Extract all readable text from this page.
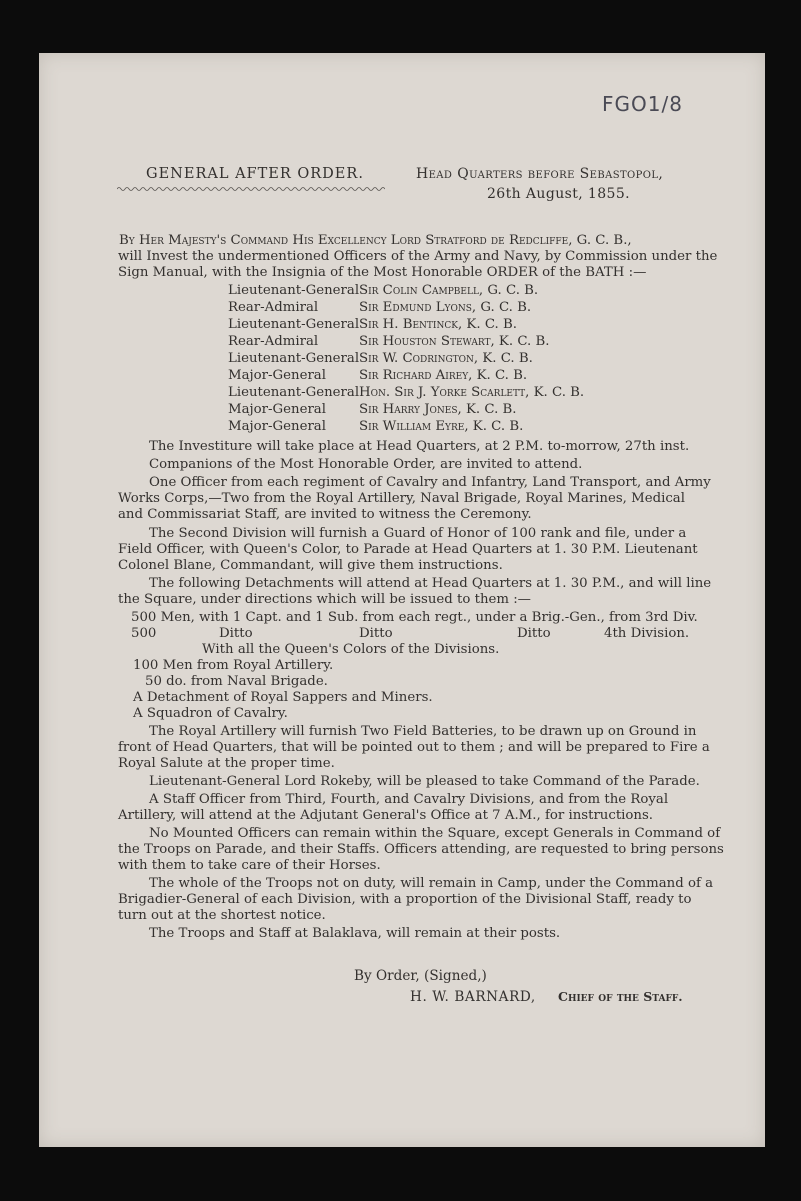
FGO1/8
GENERAL AFTER ORDER.	Head Quarters before Sebastopol,
26th August, 1855.
By Her Majesty's Command His Excellency Lord Stratford de Redcliffe, G. C. B.,
will Invest the undermentioned Officers of the Army and Navy, by Commission under the
Sign Manual, with the Insignia of the Most Honorable ORDER of the BATH :—
Lieutenant-General Sir Colin Campbell, G. C. B.
Rear-Admiral	Sir Edmund Lyons, G. C. B.
Lieutenant-General Sir H. Bentinck, K. C. B.
Rear-Admiral	Sir Houston Stewart, K. C. B.
Lieutenant-General Sir W. Codrington, K. C. B.
Major-General Sir Richard Airey, K. C. B.
Lieutenant-General Hon. Sir J. Yorke Scarlett, K. C. B.
Major-General Sir Harry Jones, K. C. B.
Major-General Sir William Eyre, K. C. B.
The Investiture will take place at Head Quarters, at 2 P.M. to-morrow, 27th inst.
Companions of the Most Honorable Order, are invited to attend.
One Officer from each regiment of Cavalry and Infantry, Land Transport, and Army
Works Corps,—Two from the Royal Artillery, Naval Brigade, Royal Marines, Medical
and Commissariat Staff, are invited to witness the Ceremony.
The Second Division will furnish a Guard of Honor of 100 rank and file, under a
Field Officer, with Queen's Color, to Parade at Head Quarters at 1. 30 P.M. Lieutenant
Colonel Blane, Commandant, will give them instructions.
The following Detachments will attend at Head Quarters at 1. 30 P.M., and will line
the Square, under directions which will be issued to them :—
500 Men, with 1 Capt. and 1 Sub. from each regt., under a Brig.-Gen., from 3rd Div.
500	Ditto	Ditto	Ditto	4th Division.
With all the Queen's Colors of the Divisions.
100 Men from Royal Artillery.
50 do. from Naval Brigade.
A Detachment of Royal Sappers and Miners.
A Squadron of Cavalry.
The Royal Artillery will furnish Two Field Batteries, to be drawn up on Ground in
front of Head Quarters, that will be pointed out to them ; and will be prepared to Fire a
Royal Salute at the proper time.
Lieutenant-General Lord Rokeby, will be pleased to take Command of the Parade.
A Staff Officer from Third, Fourth, and Cavalry Divisions, and from the Royal
Artillery, will attend at the Adjutant General's Office at 7 A.M., for instructions.
No Mounted Officers can remain within the Square, except Generals in Command of
the Troops on Parade, and their Staffs. Officers attending, are requested to bring persons
with them to take care of their Horses.
The whole of the Troops not on duty, will remain in Camp, under the Command of a
Brigadier-General of each Division, with a proportion of the Divisional Staff, ready to
turn out at the shortest notice.
The Troops and Staff at Balaklava, will remain at their posts.
By Order, (Signed,)
H. W. BARNARD, Chief of the Staff.
